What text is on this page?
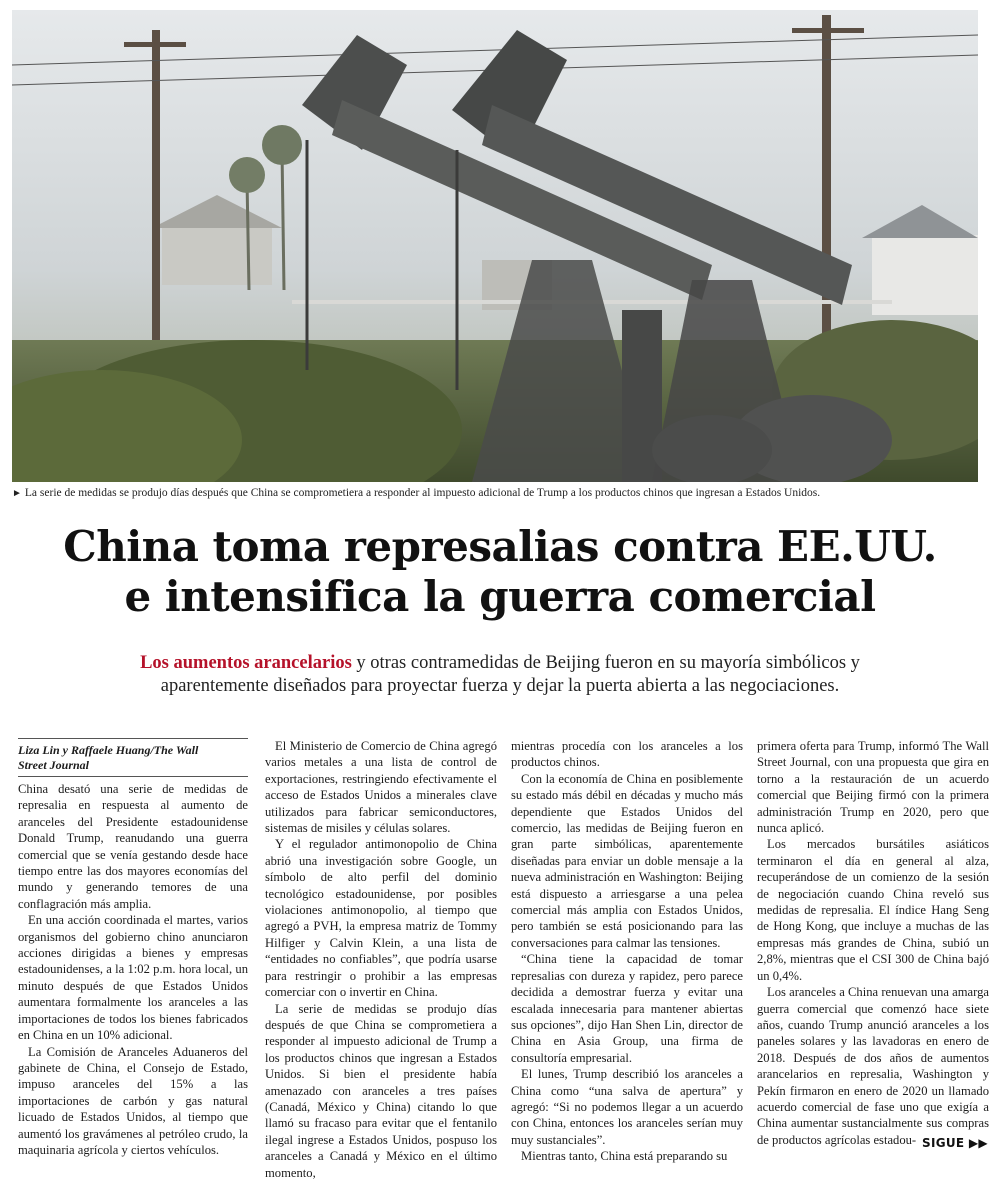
► La serie de medidas se produjo días después que China se comprometiera a responder al impuesto adicional de Trump a los productos chinos que ingresan a Estados Unidos.
China toma represalias contra EE.UU.
e intensifica la guerra comercial

Los aumentos arancelarios y otras contramedidas de Beijing fueron en su mayoría simbólicos y
aparentemente diseñados para proyectar fuerza y dejar la puerta abierta a las negociaciones.

Liza Lin y Raffaele Huang/The Wall
Street Journal

China desató una serie de medidas de represalia en respuesta al aumento de aranceles del Presidente estadounidense Donald Trump, reanudando una guerra comercial que se venía gestando desde hace tiempo entre las dos mayores economías del mundo y generando temores de una conflagración más amplia.

En una acción coordinada el martes, varios organismos del gobierno chino anunciaron acciones dirigidas a bienes y empresas estadounidenses, a la 1:02 p.m. hora local, un minuto después de que Estados Unidos aumentara formalmente los aranceles a las importaciones de todos los bienes fabricados en China en un 10% adicional.

La Comisión de Aranceles Aduaneros del gabinete de China, el Consejo de Estado, impuso aranceles del 15% a las importaciones de carbón y gas natural licuado de Estados Unidos, al tiempo que aumentó los gravámenes al petróleo crudo, la maquinaria agrícola y ciertos vehículos.

El Ministerio de Comercio de China agregó varios metales a una lista de control de exportaciones, restringiendo efectivamente el acceso de Estados Unidos a minerales clave utilizados para fabricar semiconductores, sistemas de misiles y células solares.

Y el regulador antimonopolio de China abrió una investigación sobre Google, un símbolo de alto perfil del dominio tecnológico estadounidense, por posibles violaciones antimonopolio, al tiempo que agregó a PVH, la empresa matriz de Tommy Hilfiger y Calvin Klein, a una lista de “entidades no confiables”, que podría usarse para restringir o prohibir a las empresas comerciar con o invertir en China.

La serie de medidas se produjo días después de que China se comprometiera a responder al impuesto adicional de Trump a los productos chinos que ingresan a Estados Unidos. Si bien el presidente había amenazado con aranceles a tres países (Canadá, México y China) citando lo que llamó su fracaso para evitar que el fentanilo ilegal ingrese a Estados Unidos, pospuso los aranceles a Canadá y México en el último momento,

mientras procedía con los aranceles a los productos chinos.

Con la economía de China en posiblemente su estado más débil en décadas y mucho más dependiente que Estados Unidos del comercio, las medidas de Beijing fueron en gran parte simbólicas, aparentemente diseñadas para enviar un doble mensaje a la nueva administración en Washington: Beijing está dispuesto a arriesgarse a una pelea comercial más amplia con Estados Unidos, pero también se está posicionando para las conversaciones para calmar las tensiones.

“China tiene la capacidad de tomar represalias con dureza y rapidez, pero parece decidida a demostrar fuerza y evitar una escalada innecesaria para mantener abiertas sus opciones”, dijo Han Shen Lin, director de China en Asia Group, una firma de consultoría empresarial.

El lunes, Trump describió los aranceles a China como “una salva de apertura” y agregó: “Si no podemos llegar a un acuerdo con China, entonces los aranceles serían muy muy sustanciales”.

Mientras tanto, China está preparando su

primera oferta para Trump, informó The Wall Street Journal, con una propuesta que gira en torno a la restauración de un acuerdo comercial que Beijing firmó con la primera administración Trump en 2020, pero que nunca aplicó.

Los mercados bursátiles asiáticos terminaron el día en general al alza, recuperándose de un comienzo de la sesión de negociación cuando China reveló sus medidas de represalia. El índice Hang Seng de Hong Kong, que incluye a muchas de las empresas más grandes de China, subió un 2,8%, mientras que el CSI 300 de China bajó un 0,4%.

Los aranceles a China renuevan una amarga guerra comercial que comenzó hace siete años, cuando Trump anunció aranceles a los paneles solares y las lavadoras en enero de 2018. Después de dos años de aumentos arancelarios en represalia, Washington y Pekín firmaron en enero de 2020 un llamado acuerdo comercial de fase uno que exigía a China aumentar sustancialmente sus compras de productos agrícolas estadou- SIGUE ▶▶
